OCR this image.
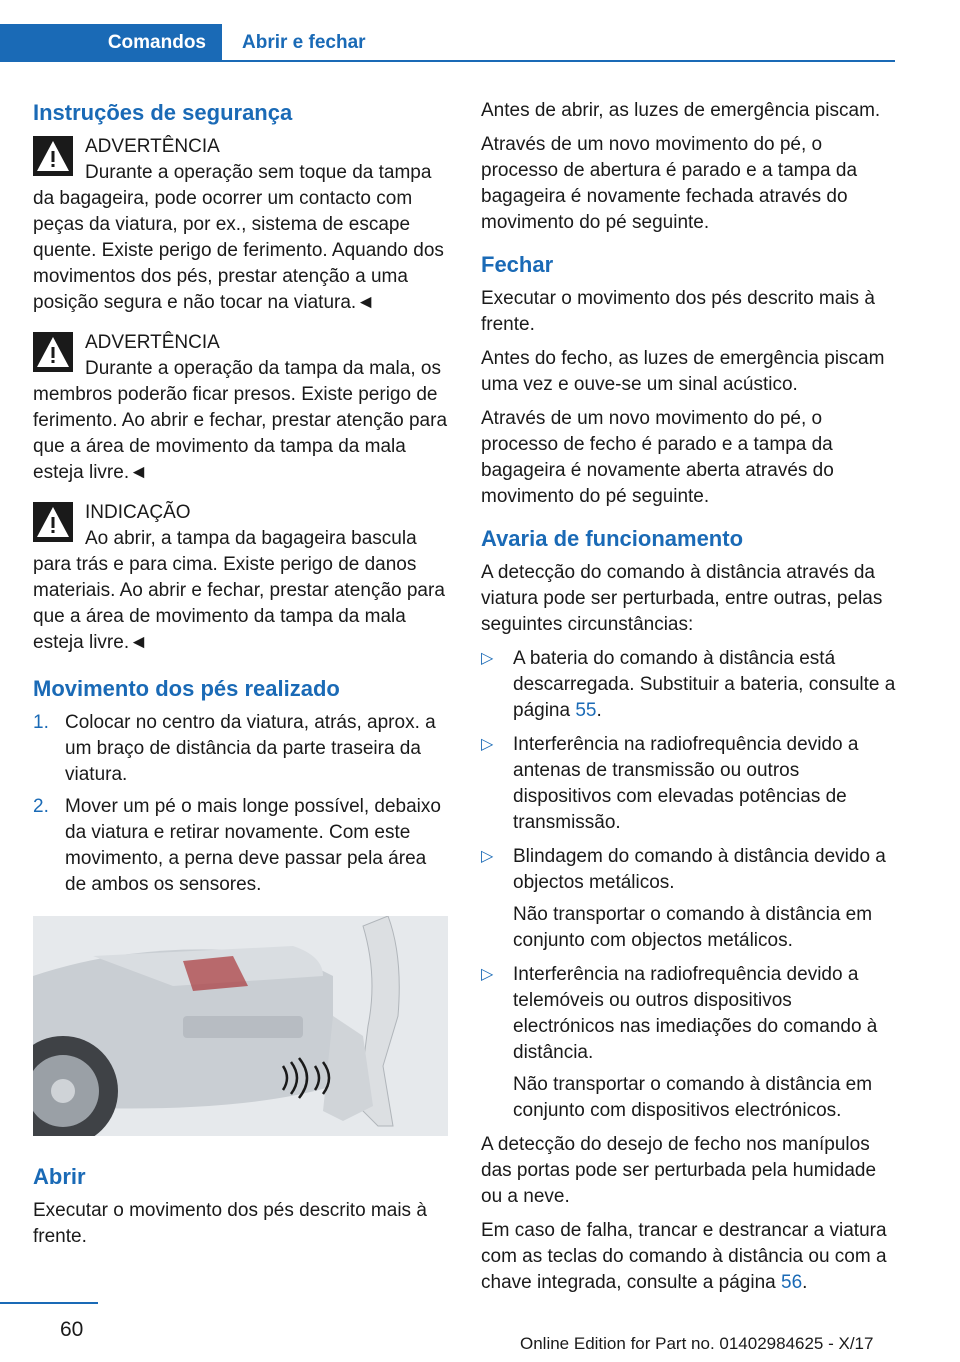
Comandos	Abrir e fechar
Instruções de segurança
ADVERTÊNCIA
Durante a operação sem toque da tampa da bagageira, pode ocorrer um contacto com peças da viatura, por ex., sistema de escape quente. Existe perigo de ferimento. Aquando dos movimentos dos pés, prestar atenção a uma posição segura e não tocar na viatura.◄
ADVERTÊNCIA
Durante a operação da tampa da mala, os membros poderão ficar presos. Existe perigo de ferimento. Ao abrir e fechar, prestar atenção para que a área de movimento da tampa da mala esteja livre.◄
INDICAÇÃO
Ao abrir, a tampa da bagageira bascula para trás e para cima. Existe perigo de danos materiais. Ao abrir e fechar, prestar atenção para que a área de movimento da tampa da mala esteja livre.◄
Movimento dos pés realizado
1. Colocar no centro da viatura, atrás, aprox. a um braço de distância da parte traseira da viatura.
2. Mover um pé o mais longe possível, debaixo da viatura e retirar novamente. Com este movimento, a perna deve passar pela área de ambos os sensores.
Abrir

Executar o movimento dos pés descrito mais à frente.

Antes de abrir, as luzes de emergência piscam.

Através de um novo movimento do pé, o processo de abertura é parado e a tampa da bagageira é novamente fechada através do movimento do pé seguinte.

Fechar

Executar o movimento dos pés descrito mais à frente.

Antes do fecho, as luzes de emergência piscam uma vez e ouve-se um sinal acústico.

Através de um novo movimento do pé, o processo de fecho é parado e a tampa da bagageira é novamente aberta através do movimento do pé seguinte.

Avaria de funcionamento

A detecção do comando à distância através da viatura pode ser perturbada, entre outras, pelas seguintes circunstâncias:

▷ A bateria do comando à distância está descarregada. Substituir a bateria, consulte a página 55.
▷ Interferência na radiofrequência devido a antenas de transmissão ou outros dispositivos com elevadas potências de transmissão.
▷ Blindagem do comando à distância devido a objectos metálicos.
Não transportar o comando à distância em conjunto com objectos metálicos.
▷ Interferência na radiofrequência devido a telemóveis ou outros dispositivos electrónicos nas imediações do comando à distância.
Não transportar o comando à distância em conjunto com dispositivos electrónicos.

A detecção do desejo de fecho nos manípulos das portas pode ser perturbada pela humidade ou a neve.

Em caso de falha, trancar e destrancar a viatura com as teclas do comando à distância ou com a chave integrada, consulte a página 56.

60
Online Edition for Part no. 01402984625 - X/17
